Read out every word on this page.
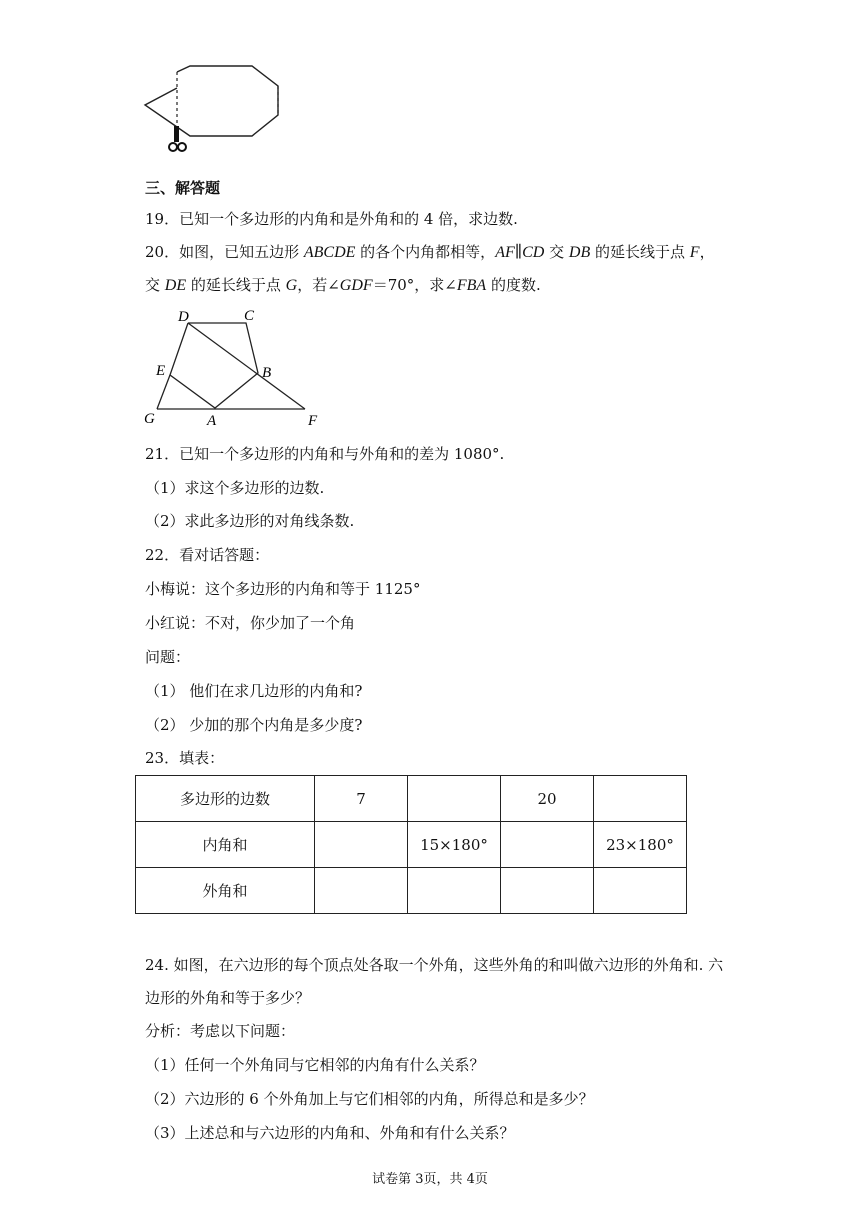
三、解答题
19．已知一个多边形的内角和是外角和的 4 倍，求边数.
20．如图，已知五边形 ABCDE 的各个内角都相等，AF∥CD 交 DB 的延长线于点 F，
交 DE 的延长线于点 G，若∠GDF＝70°，求∠FBA 的度数.
D	C
E	B
G	A	F
21．已知一个多边形的内角和与外角和的差为 1080°.
（1）求这个多边形的边数.
（2）求此多边形的对角线条数.
22．看对话答题：
小梅说：这个多边形的内角和等于 1125°
小红说：不对，你少加了一个角
问题：
（1） 他们在求几边形的内角和?
（2） 少加的那个内角是多少度?
23．填表：
多边形的边数	7		20	
内角和		15×180°		23×180°
外角和				
24. 如图，在六边形的每个顶点处各取一个外角，这些外角的和叫做六边形的外角和. 六
边形的外角和等于多少？
分析：考虑以下问题：
（1）任何一个外角同与它相邻的内角有什么关系？
（2）六边形的 6 个外角加上与它们相邻的内角，所得总和是多少？
（3）上述总和与六边形的内角和、外角和有什么关系？
试卷第 3页，共 4页
